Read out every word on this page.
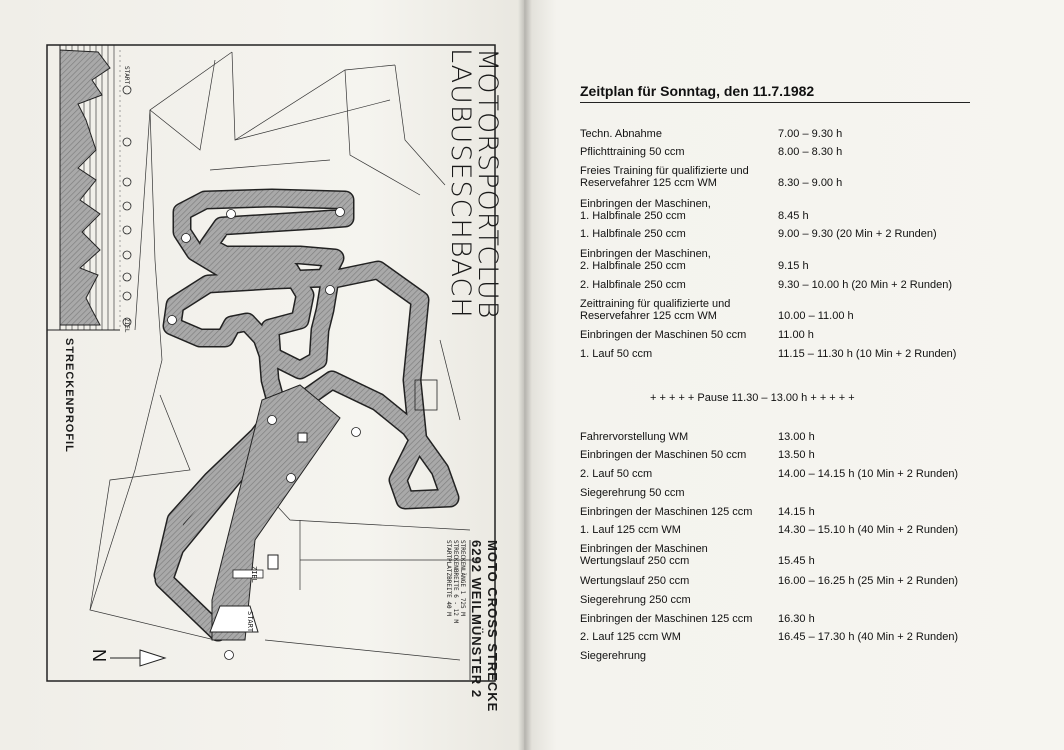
MOTORSPORTCLUB
LAUBUSESCHBACH
MOTO CROSS STRECKE
6292 WEILMÜNSTER 2
STRECKENLÄNGE 1 725 M
STRECKENBREITE 6 - 12 M
STARTPLATZBREITE 40 M
STRECKENPROFIL
START
ZIEL
ZIEL
START
N
Zeitplan für Sonntag, den 11.7.1982
Techn. Abnahme	7.00 – 9.30 h
Pflichttraining 50 ccm	8.00 – 8.30 h
Freies Training für qualifizierte und
Reservefahrer 125 ccm WM	8.30 – 9.00 h
Einbringen der Maschinen,
1. Halbfinale 250 ccm	8.45 h
1. Halbfinale 250 ccm	9.00 – 9.30 (20 Min + 2 Runden)
Einbringen der Maschinen,
2. Halbfinale 250 ccm	9.15 h
2. Halbfinale 250 ccm	9.30 – 10.00 h (20 Min + 2 Runden)
Zeittraining für qualifizierte und
Reservefahrer 125 ccm WM	10.00 – 11.00 h
Einbringen der Maschinen 50 ccm	11.00 h
1. Lauf 50 ccm	11.15 – 11.30 h (10 Min + 2 Runden)
+ + + + + Pause 11.30 – 13.00 h + + + + +
Fahrervorstellung WM	13.00 h
Einbringen der Maschinen 50 ccm	13.50 h
2. Lauf 50 ccm	14.00 – 14.15 h (10 Min + 2 Runden)
Siegerehrung 50 ccm
Einbringen der Maschinen 125 ccm	14.15 h
1. Lauf 125 ccm WM	14.30 – 15.10 h (40 Min + 2 Runden)
Einbringen der Maschinen
Wertungslauf 250 ccm	15.45 h
Wertungslauf 250 ccm	16.00 – 16.25 h (25 Min + 2 Runden)
Siegerehrung 250 ccm
Einbringen der Maschinen 125 ccm	16.30 h
2. Lauf 125 ccm WM	16.45 – 17.30 h (40 Min + 2 Runden)
Siegerehrung
